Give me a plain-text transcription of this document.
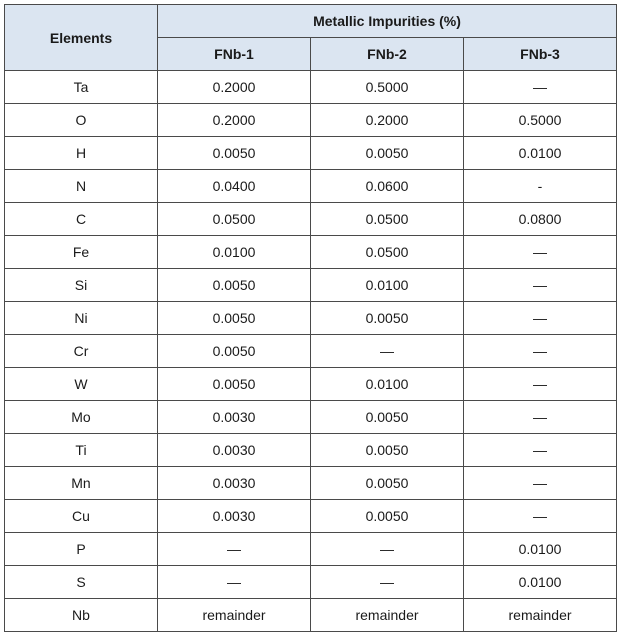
Elements	Metallic Impurities (%)		
	FNb-1	FNb-2	FNb-3
Ta	0.2000	0.5000	—
O	0.2000	0.2000	0.5000
H	0.0050	0.0050	0.0100
N	0.0400	0.0600	-
C	0.0500	0.0500	0.0800
Fe	0.0100	0.0500	—
Si	0.0050	0.0100	—
Ni	0.0050	0.0050	—
Cr	0.0050	—	—
W	0.0050	0.0100	—
Mo	0.0030	0.0050	—
Ti	0.0030	0.0050	—
Mn	0.0030	0.0050	—
Cu	0.0030	0.0050	—
P	—	—	0.0100
S	—	—	0.0100
Nb	remainder	remainder	remainder
